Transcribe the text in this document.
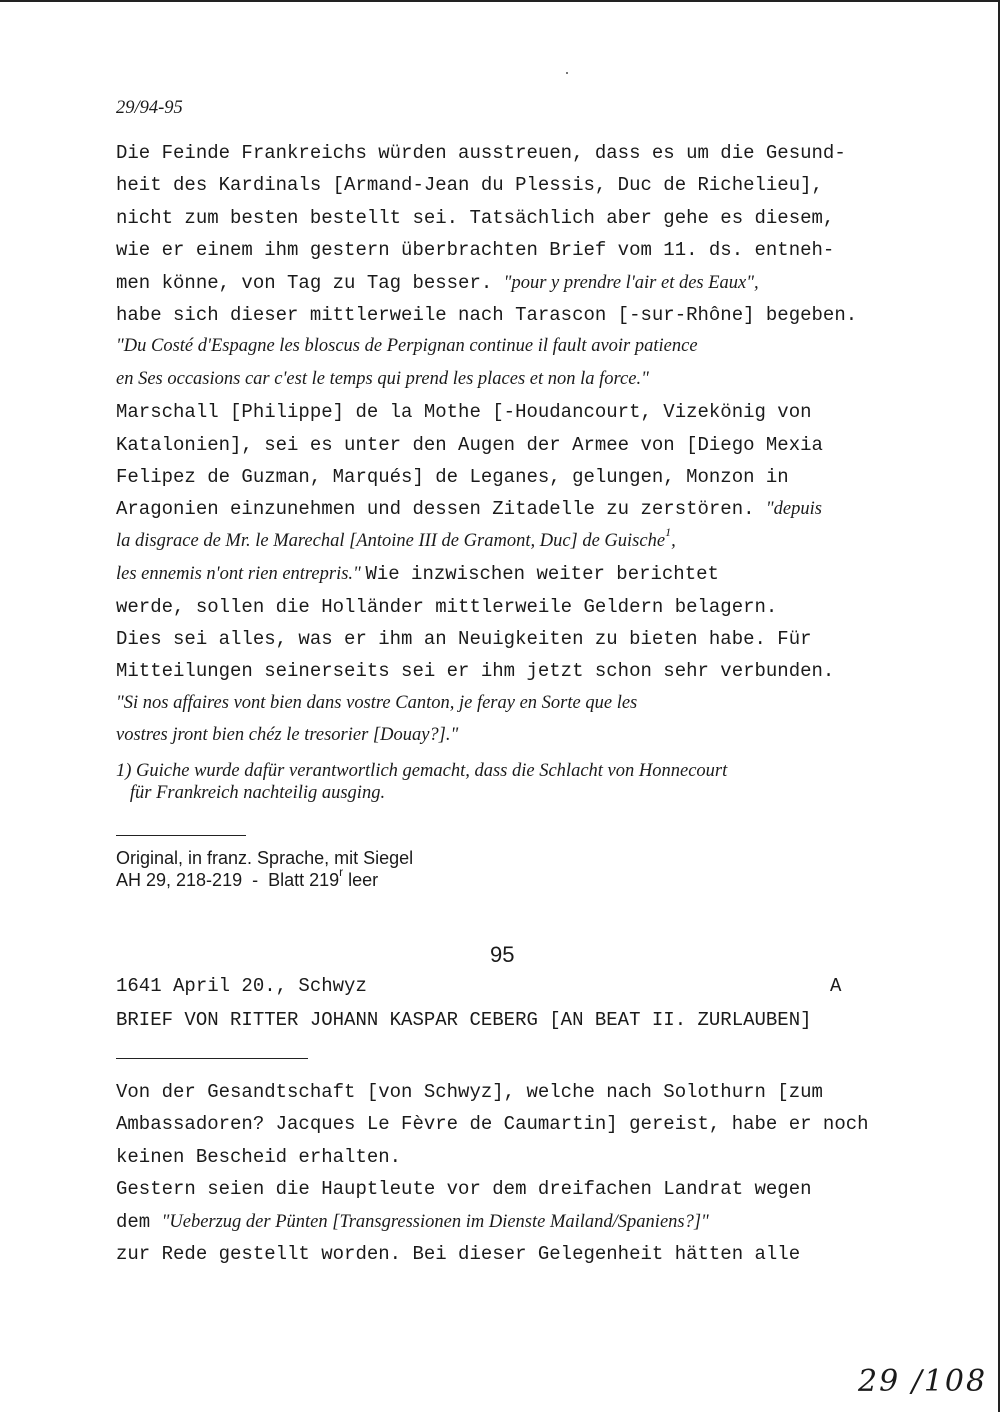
29/94-95
Die Feinde Frankreichs würden ausstreuen, dass es um die Gesund-
heit des Kardinals [Armand-Jean du Plessis, Duc de Richelieu],
nicht zum besten bestellt sei. Tatsächlich aber gehe es diesem,
wie er einem ihm gestern überbrachten Brief vom 11. ds. entneh-
men könne, von Tag zu Tag besser. "pour y prendre l'air et des Eaux",
habe sich dieser mittlerweile nach Tarascon [-sur-Rhône] begeben.
"Du Costé d'Espagne les bloscus de Perpignan continue il fault avoir patience
en Ses occasions car c'est le temps qui prend les places et non la force."
Marschall [Philippe] de la Mothe [-Houdancourt, Vizekönig von
Katalonien], sei es unter den Augen der Armee von [Diego Mexia
Felipez de Guzman, Marqués] de Leganes, gelungen, Monzon in
Aragonien einzunehmen und dessen Zitadelle zu zerstören. "depuis
la disgrace de Mr. le Marechal [Antoine III de Gramont, Duc] de Guische$^1$,
les ennemis n'ont rien entrepris." Wie inzwischen weiter berichtet
werde, sollen die Holländer mittlerweile Geldern belagern.
Dies sei alles, was er ihm an Neuigkeiten zu bieten habe. Für
Mitteilungen seinerseits sei er ihm jetzt schon sehr verbunden.
"Si nos affaires vont bien dans vostre Canton, je feray en Sorte que les
vostres jront bien chéz le tresorier [Douay?]."
1) Guiche wurde dafür verantwortlich gemacht, dass die Schlacht von Honnecourt
für Frankreich nachteilig ausging.
Original, in franz. Sprache, mit Siegel
AH 29, 218-219  -  Blatt 219$^r$ leer
95
1641 April 20., Schwyz	A
BRIEF VON RITTER JOHANN KASPAR CEBERG [AN BEAT II. ZURLAUBEN]
Von der Gesandtschaft [von Schwyz], welche nach Solothurn [zum
Ambassadoren? Jacques Le Fèvre de Caumartin] gereist, habe er noch
keinen Bescheid erhalten.
Gestern seien die Hauptleute vor dem dreifachen Landrat wegen
dem "Ueberzug der Pünten [Transgressionen im Dienste Mailand/Spaniens?]"
zur Rede gestellt worden. Bei dieser Gelegenheit hätten alle
29 /108
